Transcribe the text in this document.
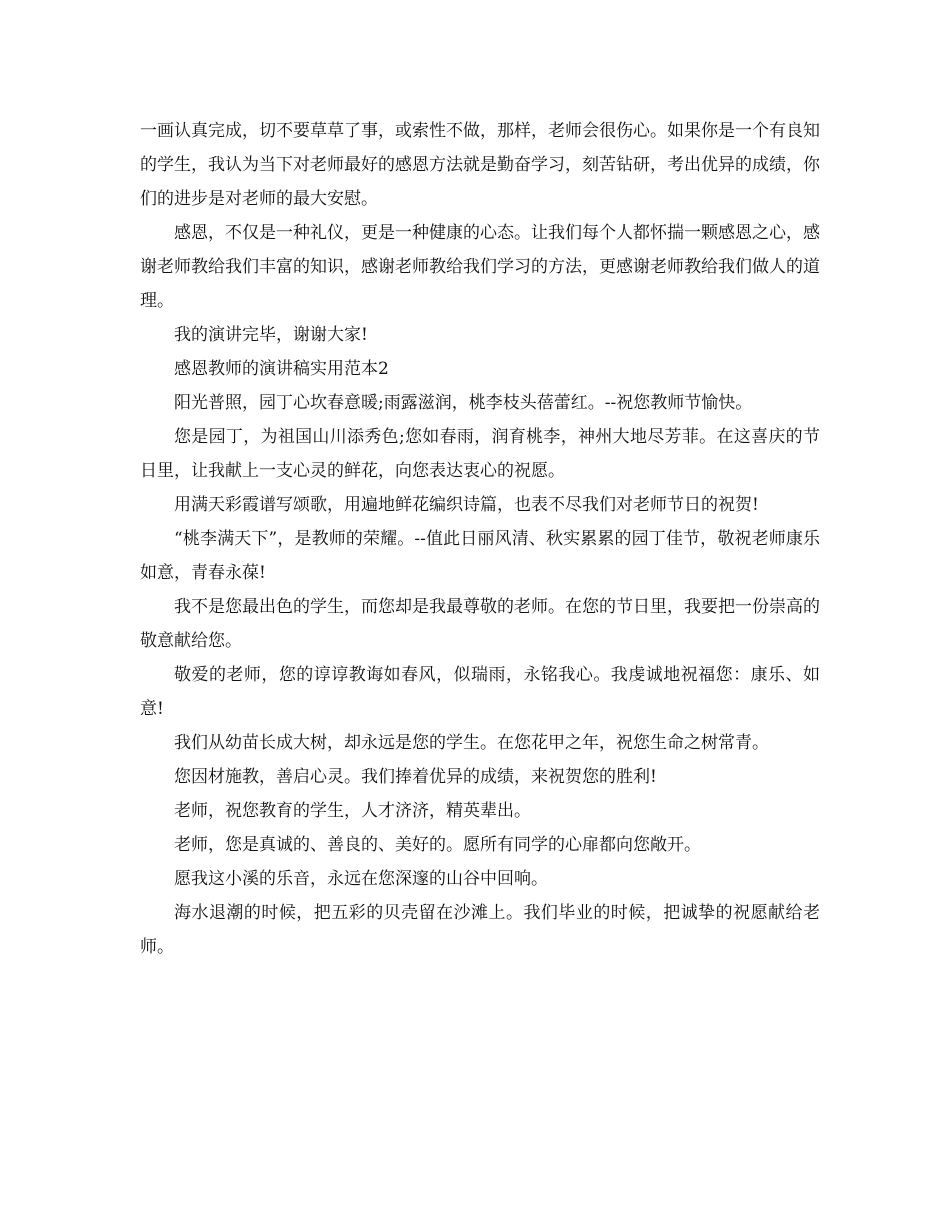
一画认真完成，切不要草草了事，或索性不做，那样，老师会很伤心。如果你是一个有良知的学生，我认为当下对老师最好的感恩方法就是勤奋学习，刻苦钻研，考出优异的成绩，你们的进步是对老师的最大安慰。

感恩，不仅是一种礼仪，更是一种健康的心态。让我们每个人都怀揣一颗感恩之心，感谢老师教给我们丰富的知识，感谢老师教给我们学习的方法，更感谢老师教给我们做人的道理。

我的演讲完毕，谢谢大家!

感恩教师的演讲稿实用范本2

阳光普照，园丁心坎春意暖;雨露滋润，桃李枝头蓓蕾红。--祝您教师节愉快。

您是园丁，为祖国山川添秀色;您如春雨，润育桃李，神州大地尽芳菲。在这喜庆的节日里，让我献上一支心灵的鲜花，向您表达衷心的祝愿。

用满天彩霞谱写颂歌，用遍地鲜花编织诗篇，也表不尽我们对老师节日的祝贺!

“桃李满天下”，是教师的荣耀。--值此日丽风清、秋实累累的园丁佳节，敬祝老师康乐如意，青春永葆!

我不是您最出色的学生，而您却是我最尊敬的老师。在您的节日里，我要把一份崇高的敬意献给您。

敬爱的老师，您的谆谆教诲如春风，似瑞雨，永铭我心。我虔诚地祝福您：康乐、如意!

我们从幼苗长成大树，却永远是您的学生。在您花甲之年，祝您生命之树常青。

您因材施教，善启心灵。我们捧着优异的成绩，来祝贺您的胜利!

老师，祝您教育的学生，人才济济，精英辈出。

老师，您是真诚的、善良的、美好的。愿所有同学的心扉都向您敞开。

愿我这小溪的乐音，永远在您深邃的山谷中回响。

海水退潮的时候，把五彩的贝壳留在沙滩上。我们毕业的时候，把诚挚的祝愿献给老师。
